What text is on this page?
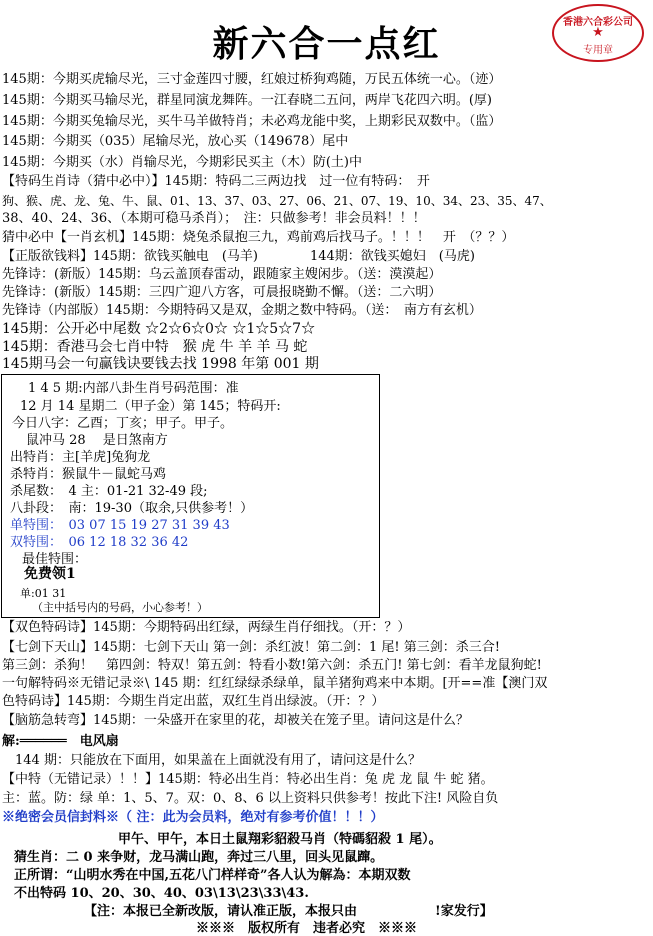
新六合一点红
香港六合彩公司
★
专用章
145期：今期买虎输尽光，三寸金莲四寸腰，红娘过桥狗鸡随，万民五体统一心。（迹）
145期：今期买马输尽光，群星同演龙舞阵。一江春晓二五问，两岸飞花四六明。(厚)
145期：今期买兔输尽光，买牛马羊做特肖；未必鸡龙能中奖，上期彩民双数中。（监）
145期：今期买（035）尾输尽光，放心买（149678）尾中
145期：今期买（水）肖输尽光，今期彩民买主（木）防(土)中
【特码生肖诗（猜中必中）】145期：特码二三两边找　过一位有特码：　开
狗、猴、虎、龙、兔、牛、鼠、01、13、37、03、27、06、21、07、19、10、34、23、35、47、
38、40、24、36、（本期可稳马杀肖）；　注：只做参考！非会员料！！！
猜中必中【一肖玄机】145期：烧兔杀鼠抱三九，鸡前鸡后找马子。！！！　开　（？？）
【正版欲钱料】145期：欲钱买触电　(马羊)　　　　144期：欲钱买媳妇　(马虎)
先锋诗：(新版）145期：乌云盖顶春雷动，跟随家主嫂闲步。（送：漠漠起）
先锋诗：(新版）145期：三四广迎八方客，可晨报晓勤不懈。（送：二六明）
先锋诗（内部版）145期：今期特码又是双，金期之数中特码。（送：　南方有玄机）
145期：公开必中尾数 ☆2☆6☆0☆ ☆1☆5☆7☆
145期：香港马会七肖中特　猴 虎 牛 羊 羊 马 蛇
145期马会一句赢钱诀要钱去找 1998 年第 001 期
1 4 5 期:内部八卦生肖号码范围：准
12 月 14 星期二（甲子金）第 145；特码开:
今日八字：乙酉；丁亥；甲子。甲子。
鼠冲马 28　 是日煞南方
出特肖：主[羊虎]兔狗龙
杀特肖：猴鼠牛－鼠蛇马鸡
杀尾数：　4 主：01-21 32-49 段;
八卦段：　南：19-30（取余,只供参考！）
单特围：　03 07 15 19 27 31 39 43
双特围：　06 12 18 32 36 42
最佳特围：
免费领1
单:01 31
（主中括号内的号码，小心参考！）
【双色特码诗】145期：今期特码出红绿，两绿生肖仔细找。（开：？）
【七剑下天山】145期：七剑下天山 第一剑：杀红波！第二剑：1 尾! 第三剑：杀三合!
第三剑：杀狗！　第四剑：特双！第五剑：特看小数!第六剑：杀五门! 第七剑：看羊龙鼠狗蛇!
一句解特码※无错记录※\ 145 期：红红绿绿杀绿单，鼠羊猪狗鸡来中本期。[开==准【澳门双
色特码诗】145期：今期生肖定出蓝，双红生肖出绿波。（开：？）
【脑筋急转弯】145期：一朵盛开在家里的花，却被关在笼子里。请问这是什么？
解:══════　电风扇
　144 期：只能放在下面用，如果盖在上面就没有用了，请问这是什么？
【中特（无错记录）！！】145期：特必出生肖：特必出生肖：兔 虎 龙 鼠 牛 蛇 猪。
主：蓝。防：绿 单：1、5、7。双：0、8、6 以上资料只供参考！按此下注! 风险自负
※绝密会员信封料※（ 注：此为会员料，绝对有参考价值！！！）
甲午、甲午，本日土鼠翔彩貂殺马肖（特碼貂殺 1 尾）。
猜生肖：二 0 来争财，龙马满山跑，奔过三八里，回头见鼠蹿。
正所谓：“山明水秀在中国,五花八门样样奇”各人认为解為：本期双数
不出特码 10、20、30、40、03\13\23\33\43.
【注：本报已全新改版，请认准正版，本报只由　　　　　　!家发行】
※※※　版权所有　违者必究　※※※
